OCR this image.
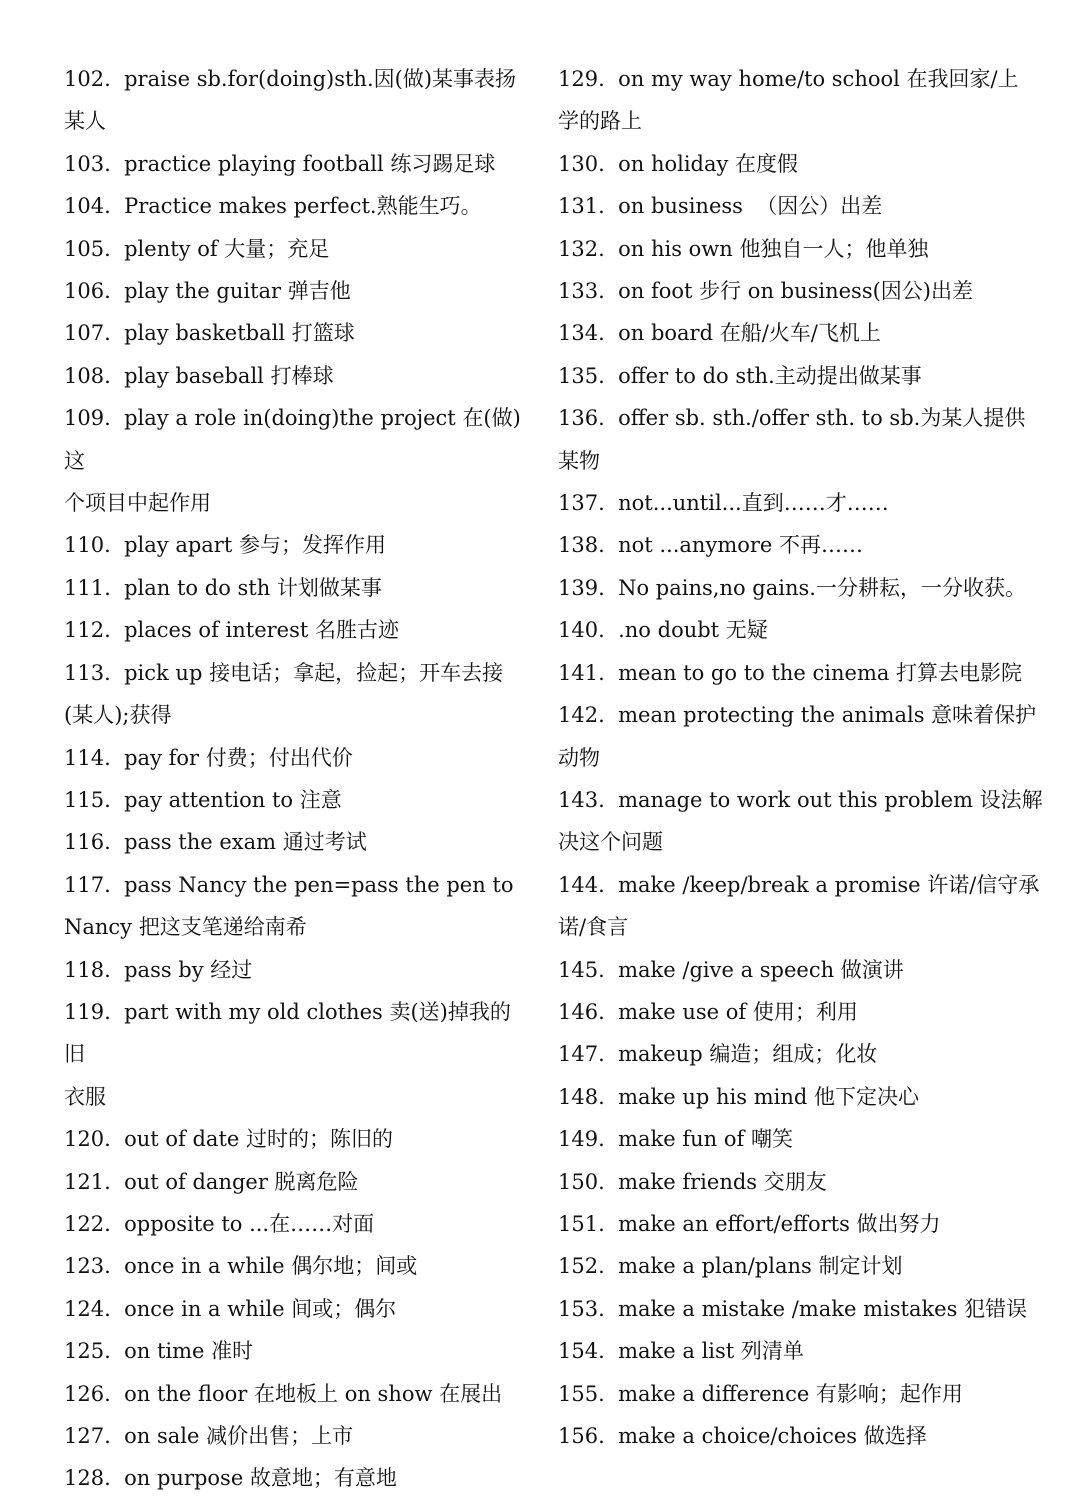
102.  praise sb.for(doing)sth.因(做)某事表扬
某人
103.  practice playing football 练习踢足球
104.  Practice makes perfect.熟能生巧。
105.  plenty of 大量；充足
106.  play the guitar 弹吉他
107.  play basketball 打篮球
108.  play baseball 打棒球
109.  play a role in(doing)the project 在(做)这
个项目中起作用
110.  play apart 参与；发挥作用
111.  plan to do sth 计划做某事
112.  places of interest 名胜古迹
113.  pick up 接电话；拿起，捡起；开车去接
(某人);获得
114.  pay for 付费；付出代价
115.  pay attention to 注意
116.  pass the exam 通过考试
117.  pass Nancy the pen=pass the pen to
Nancy 把这支笔递给南希
118.  pass by 经过
119.  part with my old clothes 卖(送)掉我的旧
衣服
120.  out of date 过时的；陈旧的
121.  out of danger 脱离危险
122.  opposite to ...在……对面
123.  once in a while 偶尔地；间或
124.  once in a while 间或；偶尔
125.  on time 准时
126.  on the floor 在地板上 on show 在展出
127.  on sale 减价出售；上市
128.  on purpose 故意地；有意地
129.  on my way home/to school 在我回家/上
学的路上
130.  on holiday 在度假
131.  on business  （因公）出差
132.  on his own 他独自一人；他单独
133.  on foot 步行 on business(因公)出差
134.  on board 在船/火车/飞机上
135.  offer to do sth.主动提出做某事
136.  offer sb. sth./offer sth. to sb.为某人提供
某物
137.  not...until...直到……才……
138.  not ...anymore 不再……
139.  No pains,no gains.一分耕耘，一分收获。
140.  .no doubt 无疑
141.  mean to go to the cinema 打算去电影院
142.  mean protecting the animals 意味着保护
动物
143.  manage to work out this problem 设法解
决这个问题
144.  make /keep/break a promise 许诺/信守承
诺/食言
145.  make /give a speech 做演讲
146.  make use of 使用；利用
147.  makeup 编造；组成；化妆
148.  make up his mind 他下定决心
149.  make fun of 嘲笑
150.  make friends 交朋友
151.  make an effort/efforts 做出努力
152.  make a plan/plans 制定计划
153.  make a mistake /make mistakes 犯错误
154.  make a list 列清单
155.  make a difference 有影响；起作用
156.  make a choice/choices 做选择
